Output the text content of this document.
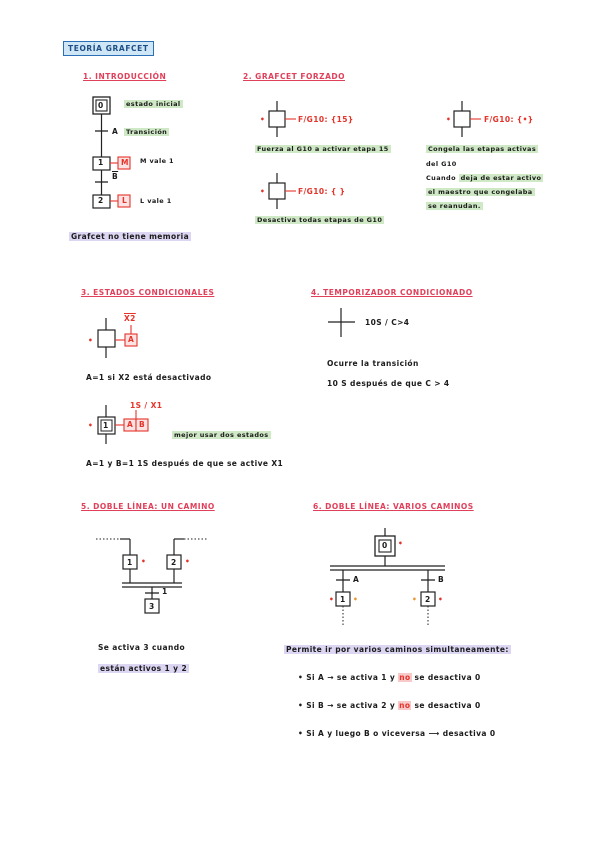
TEORÍA GRAFCET
1. INTRODUCCIÓN
0	estado inicial
A	Transición
1 M M vale 1
$\overline{B}$
2 L L vale 1
Grafcet no tiene memoria
2. GRAFCET FORZADO
•	F/G10: {15}
Fuerza al G10 a activar etapa 15
•	F/G10: { }
Desactiva todas etapas de G10
•	F/G10: {•}
Congela las etapas activas
del G10
Cuando deja de estar activo
el maestro que congelaba
se reanudan.
3. ESTADOS CONDICIONALES
X2
•	A
A=1 si X2 está desactivado
1S / X1
• 1 A B
mejor usar dos estados
A=1 y B=1 1S después de que se active X1
4. TEMPORIZADOR CONDICIONADO
10S / C>4
Ocurre la transición
10 S después de que C > 4
5. DOBLE LÍNEA: UN CAMINO
1 •	2 •
1
3
Se activa 3 cuando
están activos 1 y 2
6. DOBLE LÍNEA: VARIOS CAMINOS
0 •
A	B
• 1 •	• 2 •
Permite ir por varios caminos simultaneamente:
• Si A → se activa 1 y no se desactiva 0
• Si B → se activa 2 y no se desactiva 0
• Si A y luego B o viceversa ⟶ desactiva 0
